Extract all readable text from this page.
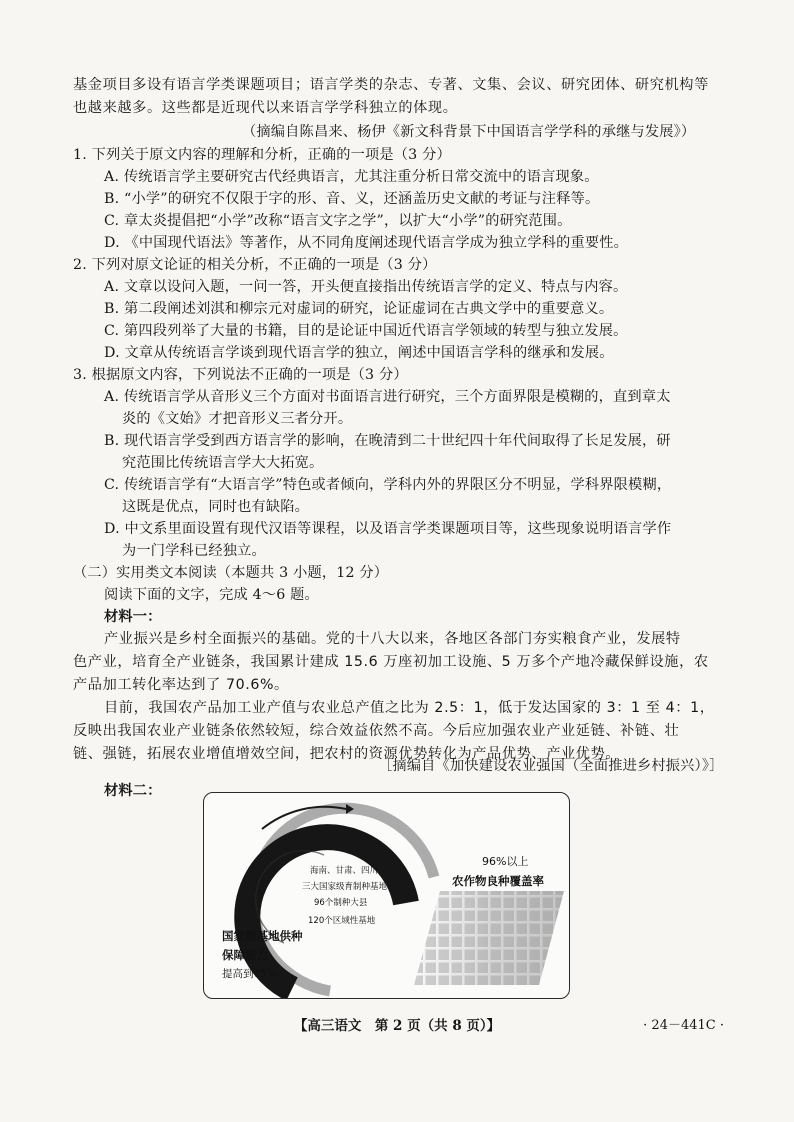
基金项目多设有语言学类课题项目；语言学类的杂志、专著、文集、会议、研究团体、研究机构等
也越来越多。这些都是近现代以来语言学学科独立的体现。
（摘编自陈昌来、杨伊《新文科背景下中国语言学学科的承继与发展》）
1. 下列关于原文内容的理解和分析，正确的一项是（3 分）
A. 传统语言学主要研究古代经典语言，尤其注重分析日常交流中的语言现象。
B. “小学”的研究不仅限于字的形、音、义，还涵盖历史文献的考证与注释等。
C. 章太炎提倡把“小学”改称“语言文字之学”，以扩大“小学”的研究范围。
D. 《中国现代语法》等著作，从不同角度阐述现代语言学成为独立学科的重要性。
2. 下列对原文论证的相关分析，不正确的一项是（3 分）
A. 文章以设问入题，一问一答，开头便直接指出传统语言学的定义、特点与内容。
B. 第二段阐述刘淇和柳宗元对虚词的研究，论证虚词在古典文学中的重要意义。
C. 第四段列举了大量的书籍，目的是论证中国近代语言学领域的转型与独立发展。
D. 文章从传统语言学谈到现代语言学的独立，阐述中国语言学科的继承和发展。
3. 根据原文内容，下列说法不正确的一项是（3 分）
A. 传统语言学从音形义三个方面对书面语言进行研究，三个方面界限是模糊的，直到章太
炎的《文始》才把音形义三者分开。
B. 现代语言学受到西方语言学的影响，在晚清到二十世纪四十年代间取得了长足发展，研
究范围比传统语言学大大拓宽。
C. 传统语言学有“大语言学”特色或者倾向，学科内外的界限区分不明显，学科界限模糊，
这既是优点，同时也有缺陷。
D. 中文系里面设置有现代汉语等课程，以及语言学类课题项目等，这些现象说明语言学作
为一门学科已经独立。
（二）实用类文本阅读（本题共 3 小题，12 分）
阅读下面的文字，完成 4～6 题。
材料一：
产业振兴是乡村全面振兴的基础。党的十八大以来，各地区各部门夯实粮食产业，发展特
色产业，培育全产业链条，我国累计建成 15.6 万座初加工设施、5 万多个产地冷藏保鲜设施，农
产品加工转化率达到了 70.6%。
目前，我国农产品加工业产值与农业总产值之比为 2.5：1，低于发达国家的 3：1 至 4：1，
反映出我国农业产业链条依然较短，综合效益依然不高。今后应加强农业产业延链、补链、壮
链、强链，拓展农业增值增效空间，把农村的资源优势转化为产品优势、产业优势。
［摘编自《加快建设农业强国（全面推进乡村振兴）》］
材料二：
海南、甘肃、四川
三大国家级育制种基地
96个制种大县
120个区域性基地
国家级基地供种
保障能力
提高到75%
96%以上
农作物良种覆盖率
【高三语文　第 2 页（共 8 页）】	· 24－441C ·
